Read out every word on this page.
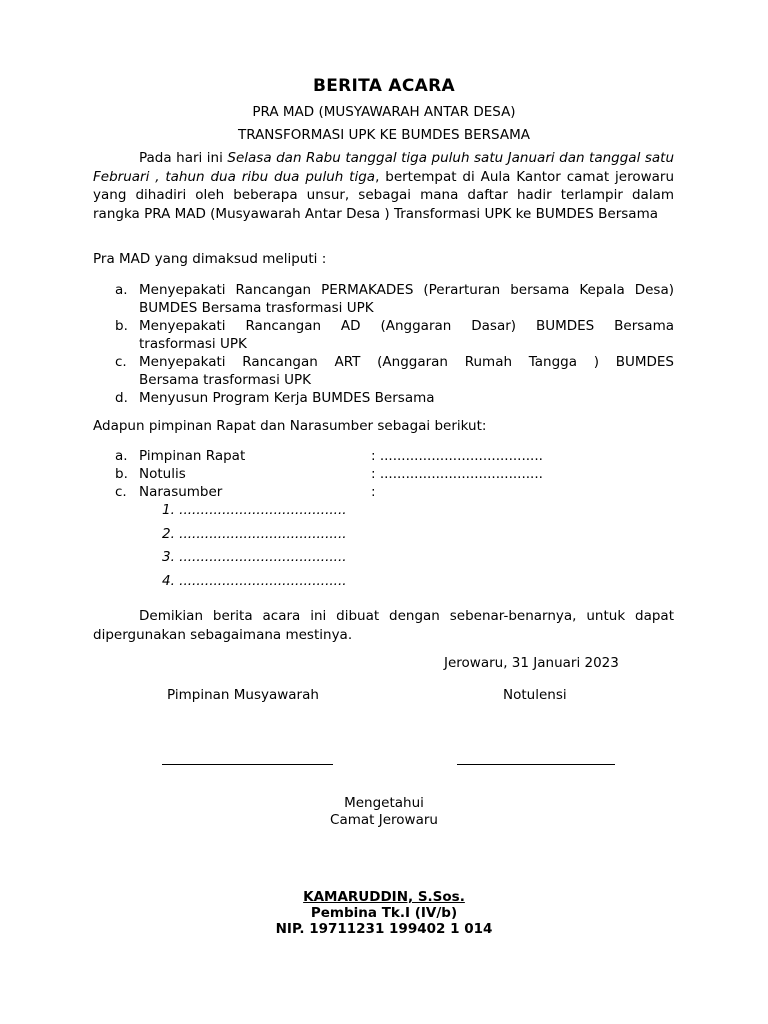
BERITA ACARA
PRA MAD (MUSYAWARAH ANTAR DESA)
TRANSFORMASI UPK KE BUMDES BERSAMA
Pada hari ini Selasa dan Rabu tanggal tiga puluh satu Januari dan tanggal satu Februari , tahun dua ribu dua puluh tiga, bertempat di Aula Kantor camat jerowaru yang dihadiri oleh beberapa unsur, sebagai mana daftar hadir terlampir dalam rangka PRA MAD (Musyawarah Antar Desa ) Transformasi UPK ke BUMDES Bersama
Pra MAD yang dimaksud meliputi :
a. Menyepakati Rancangan PERMAKADES (Perarturan bersama Kepala Desa)
BUMDES Bersama trasformasi UPK
b. Menyepakati Rancangan AD (Anggaran Dasar) BUMDES Bersama
trasformasi UPK
c. Menyepakati Rancangan ART (Anggaran Rumah Tangga ) BUMDES
Bersama trasformasi UPK
d. Menyusun Program Kerja BUMDES Bersama
Adapun pimpinan Rapat dan Narasumber sebagai berikut:
a. Pimpinan Rapat	: ......................................
b. Notulis	: ......................................
c. Narasumber	:
1. .......................................
2. .......................................
3. .......................................
4. .......................................
Demikian berita acara ini dibuat dengan sebenar-benarnya, untuk dapat
dipergunakan sebagaimana mestinya.
Jerowaru, 31 Januari 2023
Pimpinan Musyawarah	Notulensi
Mengetahui
Camat Jerowaru
KAMARUDDIN, S.Sos.
Pembina Tk.I (IV/b)
NIP. 19711231 199402 1 014
